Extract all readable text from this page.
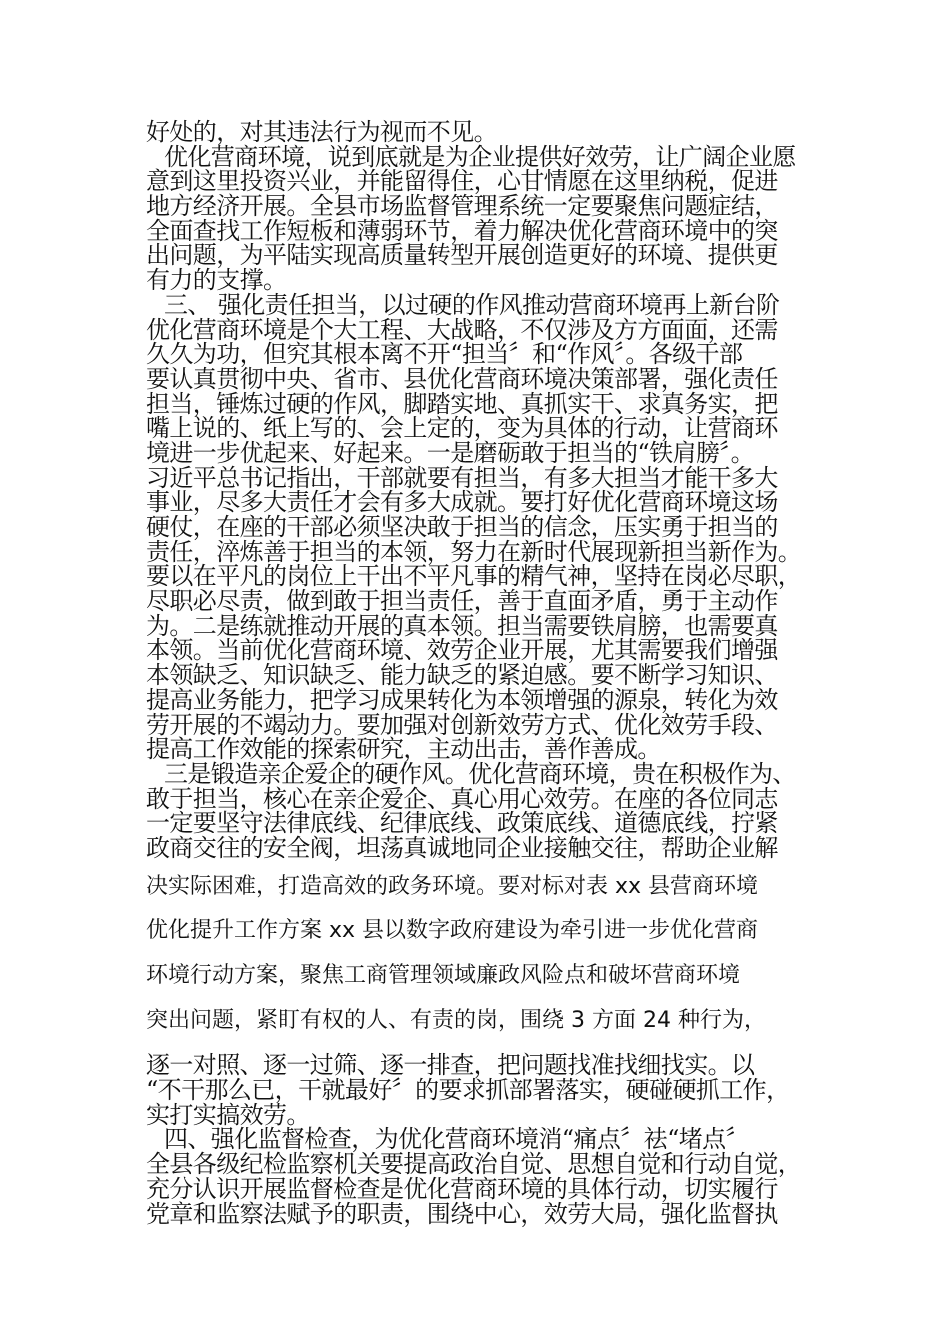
好处的，对其违法行为视而不见。
优化营商环境，说到底就是为企业提供好效劳，让广阔企业愿
意到这里投资兴业，并能留得住，心甘情愿在这里纳税，促进
地方经济开展。全县市场监督管理系统一定要聚焦问题症结，
全面查找工作短板和薄弱环节，着力解决优化营商环境中的突
出问题，为平陆实现高质量转型开展创造更好的环境、提供更
有力的支撑。
三、 强化责任担当，以过硬的作风推动营商环境再上新台阶
优化营商环境是个大工程、大战略，不仅涉及方方面面，还需
久久为功，但究其根本离不开“担当〞和“作风〞。各级干部
要认真贯彻中央、省市、县优化营商环境决策部署，强化责任
担当，锤炼过硬的作风，脚踏实地、真抓实干、求真务实，把
嘴上说的、纸上写的、会上定的，变为具体的行动，让营商环
境进一步优起来、好起来。一是磨砺敢于担当的“铁肩膀〞。
习近平总书记指出，干部就要有担当，有多大担当才能干多大
事业，尽多大责任才会有多大成就。要打好优化营商环境这场
硬仗，在座的干部必须坚决敢于担当的信念，压实勇于担当的
责任，淬炼善于担当的本领，努力在新时代展现新担当新作为。
要以在平凡的岗位上干出不平凡事的精气神，坚持在岗必尽职，
尽职必尽责，做到敢于担当责任，善于直面矛盾，勇于主动作
为。二是练就推动开展的真本领。担当需要铁肩膀，也需要真
本领。当前优化营商环境、效劳企业开展，尤其需要我们增强
本领缺乏、知识缺乏、能力缺乏的紧迫感。要不断学习知识、
提高业务能力，把学习成果转化为本领增强的源泉，转化为效
劳开展的不竭动力。要加强对创新效劳方式、优化效劳手段、
提高工作效能的探索研究，主动出击，善作善成。
三是锻造亲企爱企的硬作风。优化营商环境，贵在积极作为、
敢于担当，核心在亲企爱企、真心用心效劳。在座的各位同志
一定要坚守法律底线、纪律底线、政策底线、道德底线，拧紧
政商交往的安全阀，坦荡真诚地同企业接触交往，帮助企业解
决实际困难，打造高效的政务环境。要对标对表 xx 县营商环境
优化提升工作方案 xx 县以数字政府建设为牵引进一步优化营商
环境行动方案，聚焦工商管理领域廉政风险点和破坏营商环境
突出问题，紧盯有权的人、有责的岗，围绕 3 方面 24 种行为，
逐一对照、逐一过筛、逐一排查，把问题找准找细找实。以
“不干那么已，干就最好〞的要求抓部署落实，硬碰硬抓工作，
实打实搞效劳。
四、强化监督检查，为优化营商环境消“痛点〞祛“堵点〞
全县各级纪检监察机关要提高政治自觉、思想自觉和行动自觉，
充分认识开展监督检查是优化营商环境的具体行动，切实履行
党章和监察法赋予的职责，围绕中心，效劳大局，强化监督执
